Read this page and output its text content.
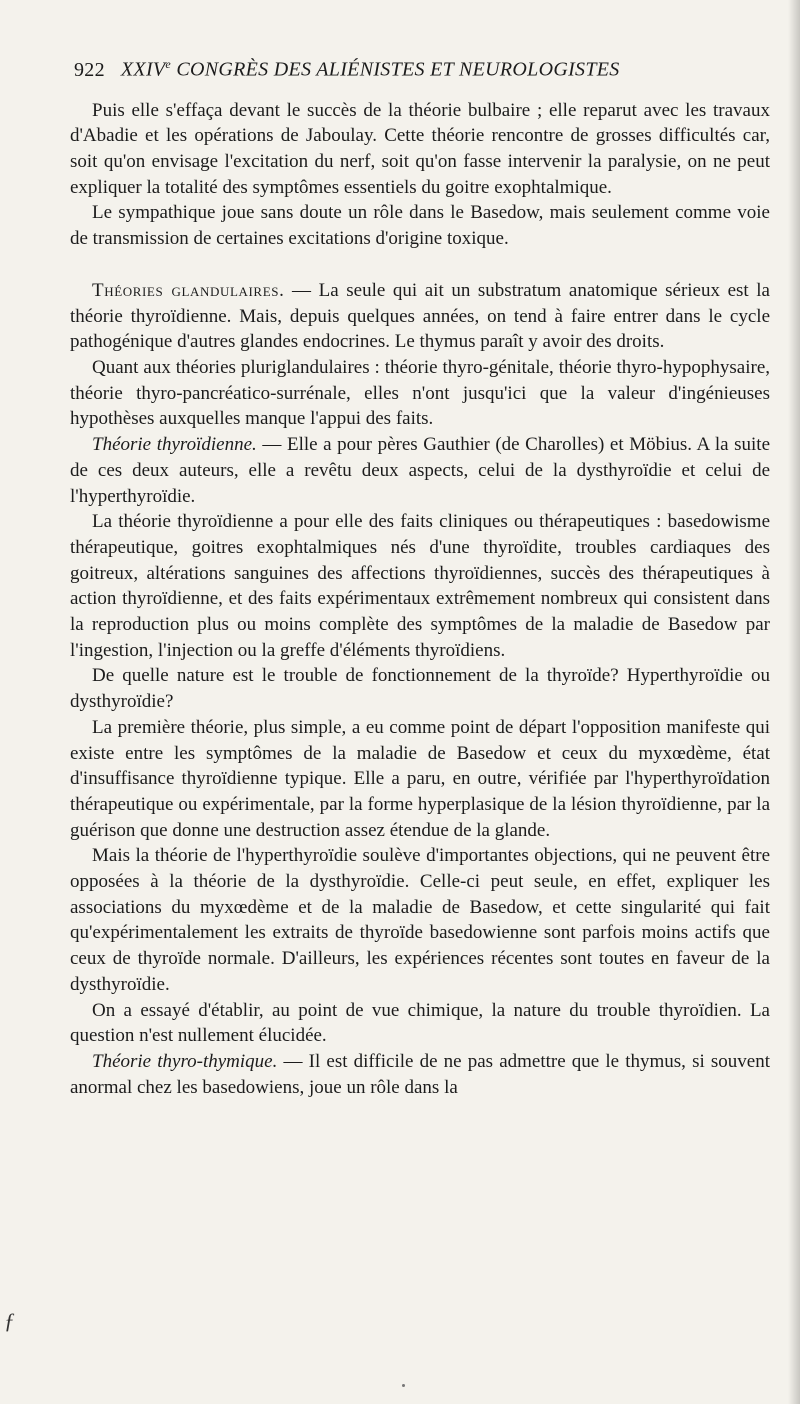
922 XXIVe CONGRÈS DES ALIÉNISTES ET NEUROLOGISTES

Puis elle s'effaça devant le succès de la théorie bulbaire ; elle reparut avec les travaux d'Abadie et les opérations de Jaboulay. Cette théorie rencontre de grosses difficultés car, soit qu'on envisage l'excitation du nerf, soit qu'on fasse intervenir la paralysie, on ne peut expliquer la totalité des symptômes essentiels du goitre exophtalmique.

Le sympathique joue sans doute un rôle dans le Basedow, mais seulement comme voie de transmission de certaines excitations d'origine toxique.

Théories glandulaires. — La seule qui ait un substratum anatomique sérieux est la théorie thyroïdienne. Mais, depuis quelques années, on tend à faire entrer dans le cycle pathogénique d'autres glandes endocrines. Le thymus paraît y avoir des droits.

Quant aux théories pluriglandulaires : théorie thyro-génitale, théorie thyro-hypophysaire, théorie thyro-pancréatico-surrénale, elles n'ont jusqu'ici que la valeur d'ingénieuses hypothèses auxquelles manque l'appui des faits.

Théorie thyroïdienne. — Elle a pour pères Gauthier (de Charolles) et Möbius. A la suite de ces deux auteurs, elle a revêtu deux aspects, celui de la dysthyroïdie et celui de l'hyperthyroïdie.

La théorie thyroïdienne a pour elle des faits cliniques ou thérapeutiques : basedowisme thérapeutique, goitres exophtalmiques nés d'une thyroïdite, troubles cardiaques des goitreux, altérations sanguines des affections thyroïdiennes, succès des thérapeutiques à action thyroïdienne, et des faits expérimentaux extrêmement nombreux qui consistent dans la reproduction plus ou moins complète des symptômes de la maladie de Basedow par l'ingestion, l'injection ou la greffe d'éléments thyroïdiens.

De quelle nature est le trouble de fonctionnement de la thyroïde? Hyperthyroïdie ou dysthyroïdie?

La première théorie, plus simple, a eu comme point de départ l'opposition manifeste qui existe entre les symptômes de la maladie de Basedow et ceux du myxœdème, état d'insuffisance thyroïdienne typique. Elle a paru, en outre, vérifiée par l'hyperthyroïdation thérapeutique ou expérimentale, par la forme hyperplasique de la lésion thyroïdienne, par la guérison que donne une destruction assez étendue de la glande.

Mais la théorie de l'hyperthyroïdie soulève d'importantes objections, qui ne peuvent être opposées à la théorie de la dysthyroïdie. Celle-ci peut seule, en effet, expliquer les associations du myxœdème et de la maladie de Basedow, et cette singularité qui fait qu'expérimentalement les extraits de thyroïde basedowienne sont parfois moins actifs que ceux de thyroïde normale. D'ailleurs, les expériences récentes sont toutes en faveur de la dysthyroïdie.

On a essayé d'établir, au point de vue chimique, la nature du trouble thyroïdien. La question n'est nullement élucidée.

Théorie thyro-thymique. — Il est difficile de ne pas admettre que le thymus, si souvent anormal chez les basedowiens, joue un rôle dans la

ƒ
